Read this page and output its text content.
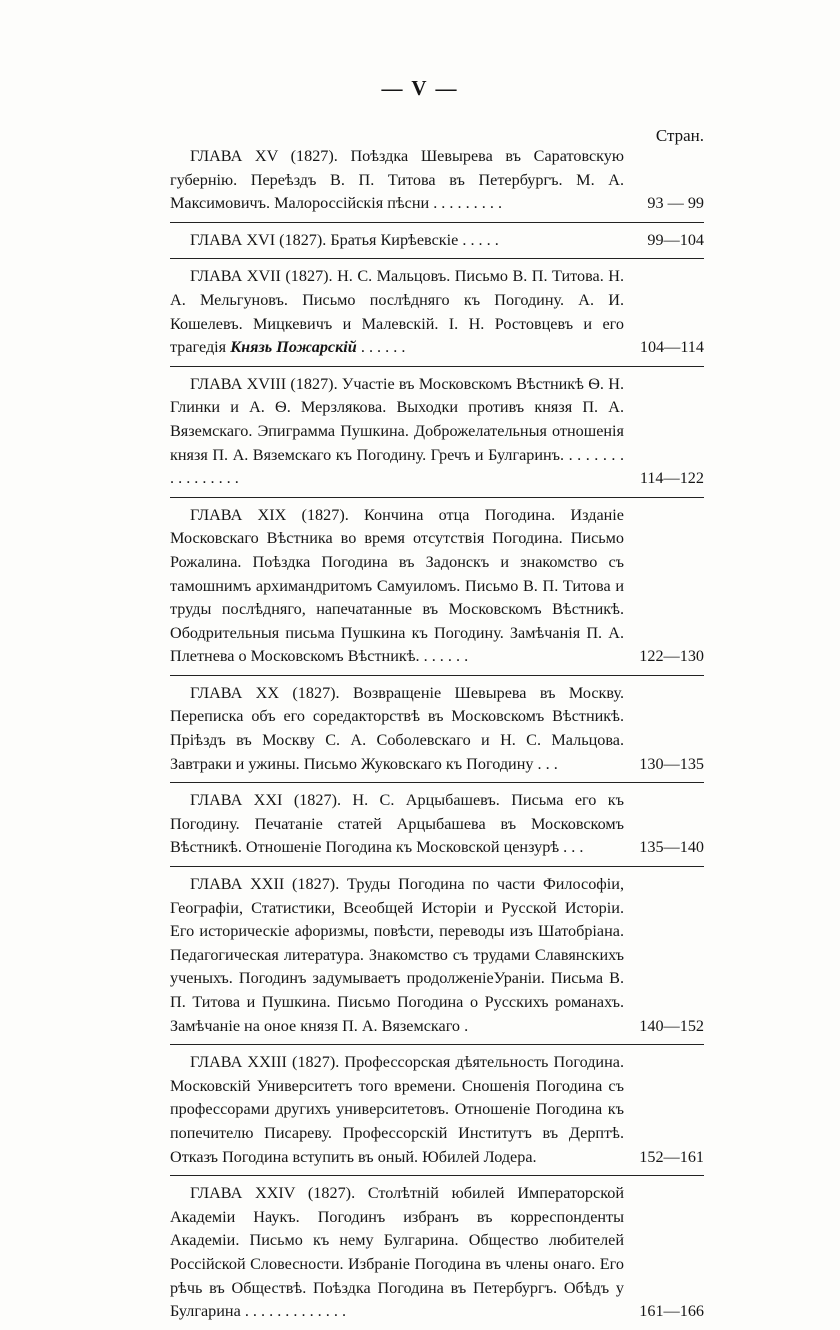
— V —
Стран.
ГЛАВА XV (1827). Поѣздка Шевырева въ Саратовскую губернію. Переѣздъ В. П. Титова въ Петербургъ. М. А. Максимовичъ. Малороссійскія пѣсни . . . . . . . . .	93 — 99
ГЛАВА XVI (1827). Братья Кирѣевскіе . . . . .	99—104
ГЛАВА XVII (1827). Н. С. Мальцовъ. Письмо В. П. Титова. Н. А. Мельгуновъ. Письмо послѣдняго къ Погодину. А. И. Кошелевъ. Мицкевичъ и Малевскій. I. Н. Ростовцевъ и его трагедія Князь Пожарскій . . . . . .	104—114
ГЛАВА XVIII (1827). Участіе въ Московскомъ Вѣстникѣ Ѳ. Н. Глинки и А. Ѳ. Мерзлякова. Выходки противъ князя П. А. Вяземскаго. Эпиграмма Пушкина. Доброжелательныя отношенія князя П. А. Вяземскаго къ Погодину. Гречъ и Булгаринъ. . . . . . . . . . . . . . . . .	114—122
ГЛАВА XIX (1827). Кончина отца Погодина. Изданіе Московскаго Вѣстника во время отсутствія Погодина. Письмо Рожалина. Поѣздка Погодина въ Задонскъ и знакомство съ тамошнимъ архимандритомъ Самуиломъ. Письмо В. П. Титова и труды послѣдняго, напечатанные въ Московскомъ Вѣстникѣ. Ободрительныя письма Пушкина къ Погодину. Замѣчанія П. А. Плетнева о Московскомъ Вѣстникѣ. . . . . . .	122—130
ГЛАВА XX (1827). Возвращеніе Шевырева въ Москву. Переписка объ его соредакторствѣ въ Московскомъ Вѣстникѣ. Пріѣздъ въ Москву С. А. Соболевскаго и Н. С. Мальцова. Завтраки и ужины. Письмо Жуковскаго къ Погодину . . .	130—135
ГЛАВА XXI (1827). Н. С. Арцыбашевъ. Письма его къ Погодину. Печатаніе статей Арцыбашева въ Московскомъ Вѣстникѣ. Отношеніе Погодина къ Московской цензурѣ . . .	135—140
ГЛАВА XXII (1827). Труды Погодина по части Философіи, Географіи, Статистики, Всеобщей Исторіи и Русской Исторіи. Его историческіе афоризмы, повѣсти, переводы изъ Шатобріана. Педагогическая литература. Знакомство съ трудами Славянскихъ ученыхъ. Погодинъ задумываетъ продолженіеУраніи. Письма В. П. Титова и Пушкина. Письмо Погодина о Русскихъ романахъ. Замѣчаніе на оное князя П. А. Вяземскаго .	140—152
ГЛАВА XXIII (1827). Профессорская дѣятельность Погодина. Московскій Университетъ того времени. Сношенія Погодина съ профессорами другихъ университетовъ. Отношеніе Погодина къ попечителю Писареву. Профессорскій Институтъ въ Дерптѣ. Отказъ Погодина вступить въ оный. Юбилей Лодера.	152—161
ГЛАВА XXIV (1827). Столѣтній юбилей Императорской Академіи Наукъ. Погодинъ избранъ въ корреспонденты Академіи. Письмо къ нему Булгарина. Общество любителей Россійской Словесности. Избраніе Погодина въ члены онаго. Его рѣчь въ Обществѣ. Поѣздка Погодина въ Петербургъ. Обѣдъ у Булгарина . . . . . . . . . . . . .	161—166
